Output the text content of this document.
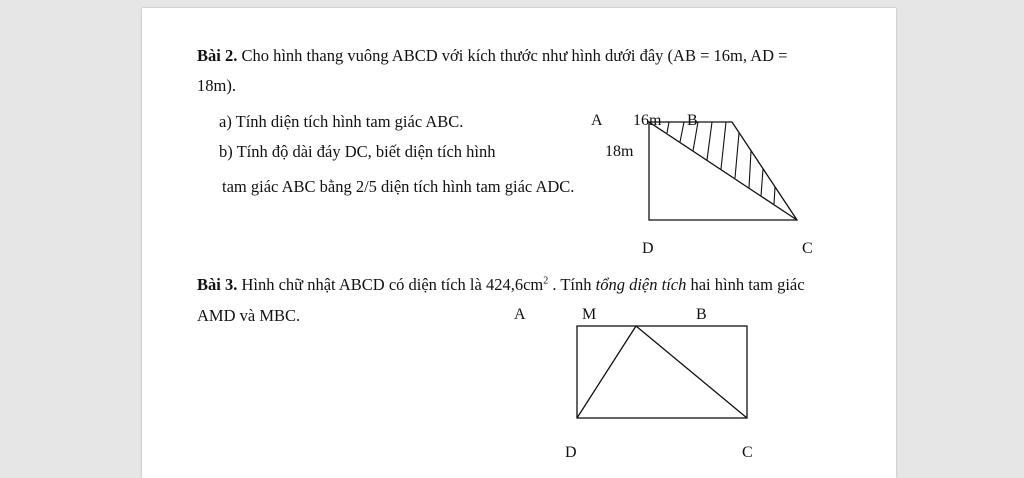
Bài 2. Cho hình thang vuông ABCD với kích thước như hình dưới đây (AB = 16m, AD =
18m).
a) Tính diện tích hình tam giác ABC.
b) Tính độ dài đáy DC, biết diện tích hình
tam giác ABC bằng 2/5 diện tích hình tam giác ADC.
A 16m B
18m
D	C
Bài 3. Hình chữ nhật ABCD có diện tích là $424,6cm^2$ . Tính tổng diện tích hai hình tam giác
AMD và MBC.	A	M	B
D	C
